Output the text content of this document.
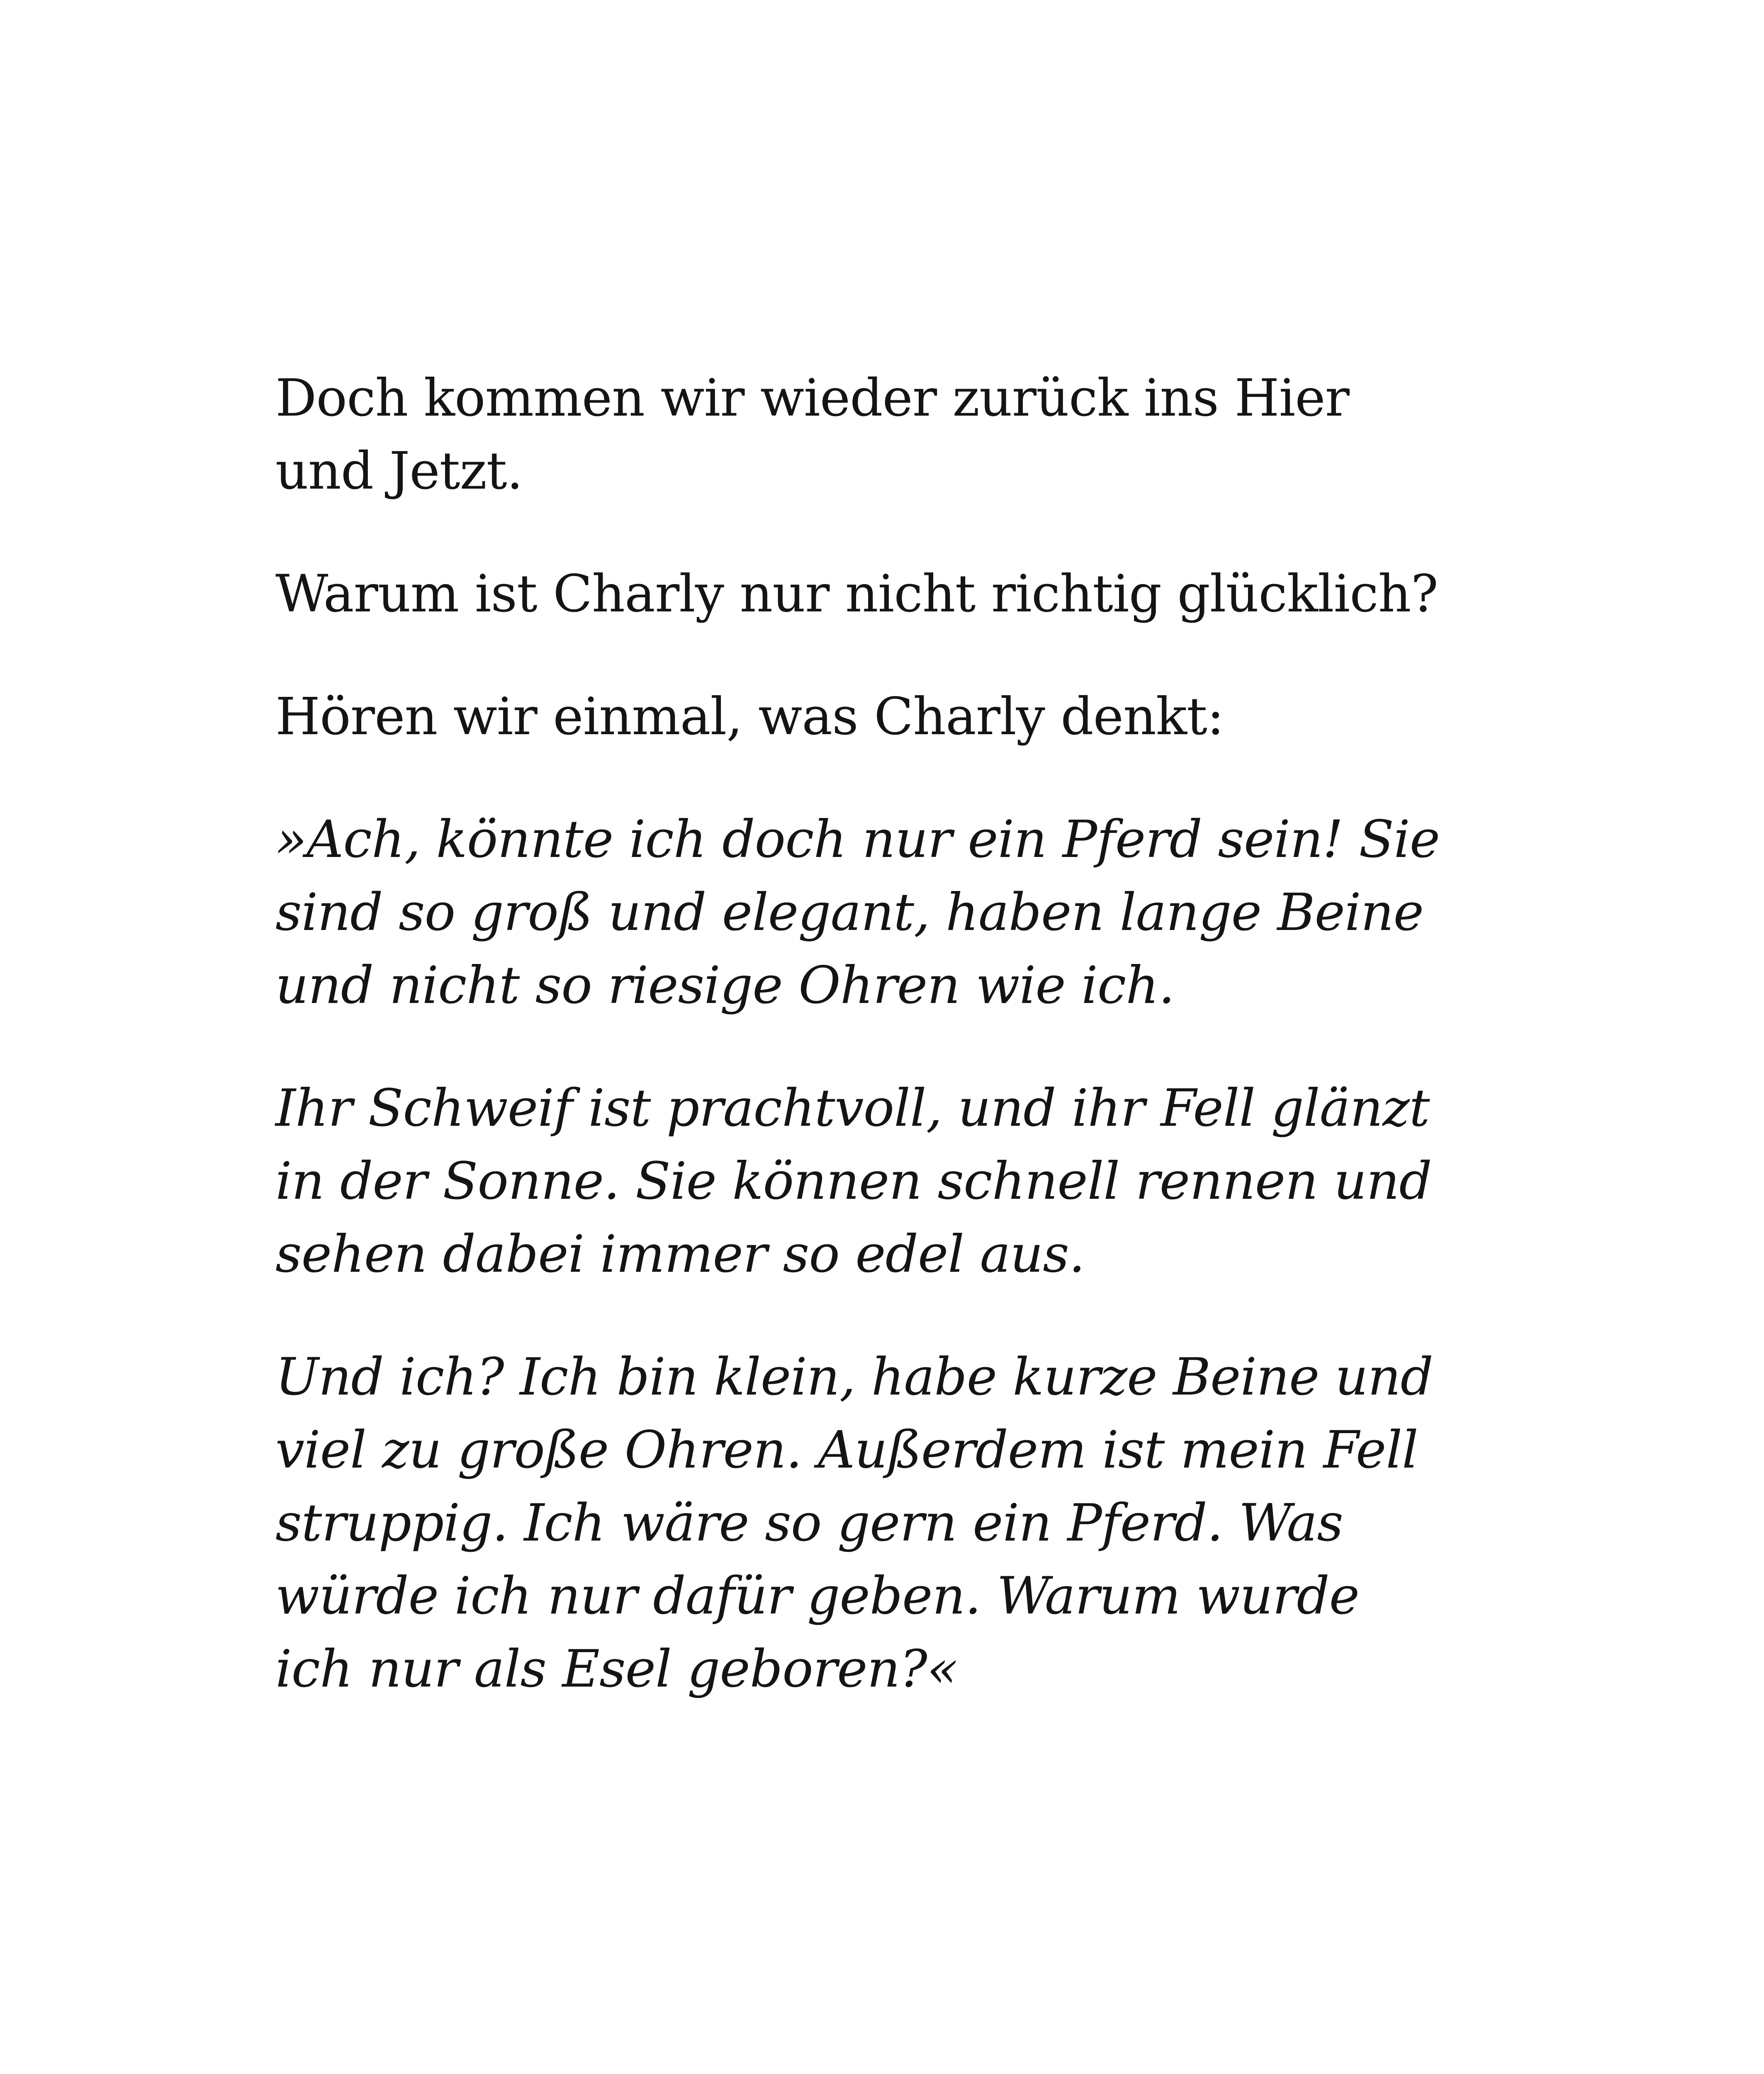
Doch kommen wir wieder zurück ins Hier
und Jetzt.

Warum ist Charly nur nicht richtig glücklich?

Hören wir einmal, was Charly denkt:

»Ach, könnte ich doch nur ein Pferd sein! Sie
sind so groß und elegant, haben lange Beine
und nicht so riesige Ohren wie ich.

Ihr Schweif ist prachtvoll, und ihr Fell glänzt
in der Sonne. Sie können schnell rennen und
sehen dabei immer so edel aus.

Und ich? Ich bin klein, habe kurze Beine und
viel zu große Ohren. Außerdem ist mein Fell
struppig. Ich wäre so gern ein Pferd. Was
würde ich nur dafür geben. Warum wurde
ich nur als Esel geboren?«
